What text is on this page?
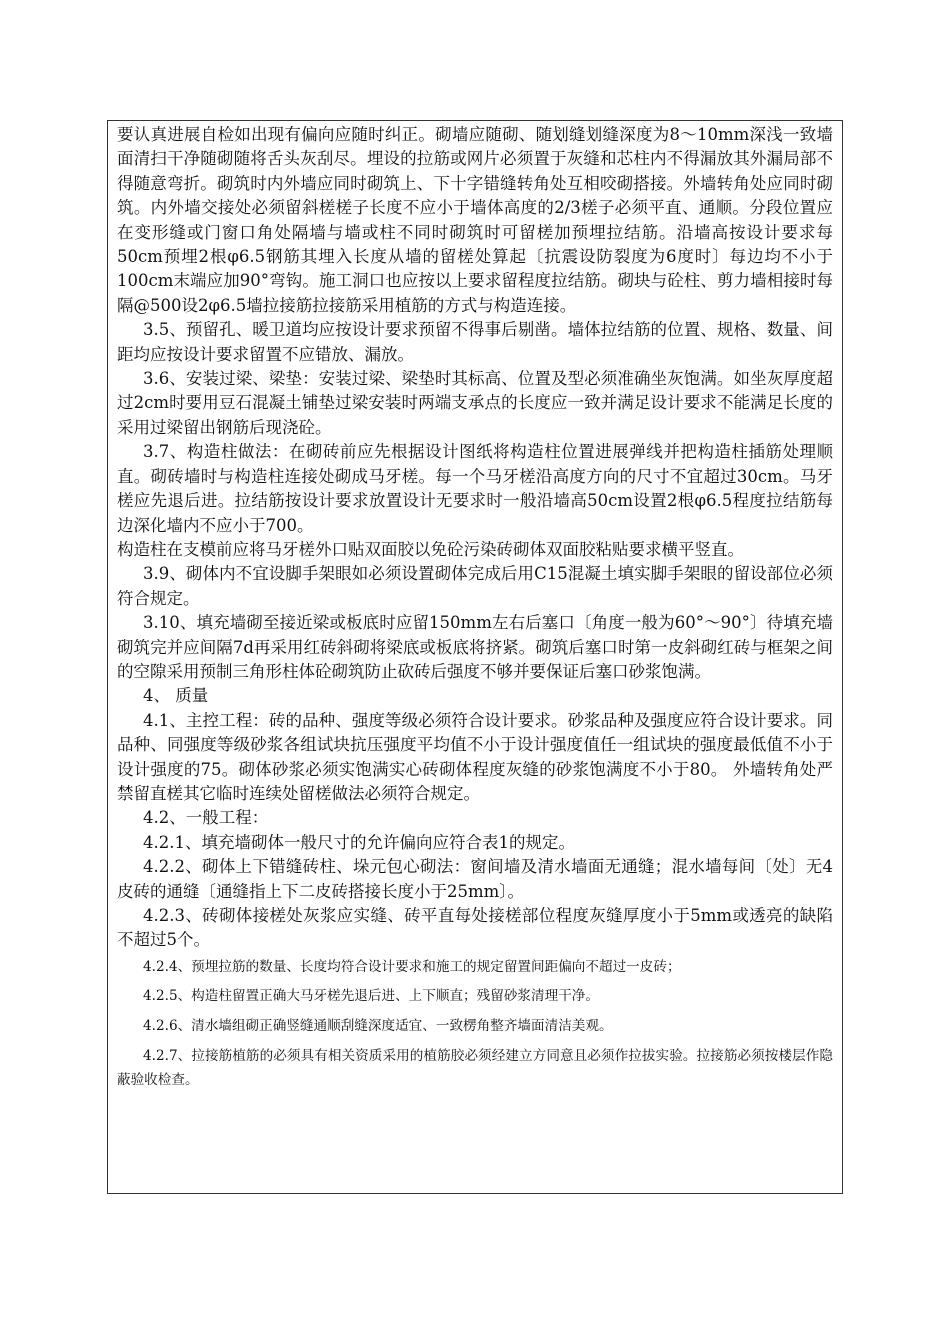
要认真进展自检如出现有偏向应随时纠正。砌墙应随砌、随划缝划缝深度为8～10mm深浅一致墙面清扫干净随砌随将舌头灰刮尽。埋设的拉筋或网片必须置于灰缝和芯柱内不得漏放其外漏局部不得随意弯折。砌筑时内外墙应同时砌筑上、下十字错缝转角处互相咬砌搭接。外墙转角处应同时砌筑。内外墙交接处必须留斜槎槎子长度不应小于墙体高度的2/3槎子必须平直、通顺。分段位置应在变形缝或门窗口角处隔墙与墙或柱不同时砌筑时可留槎加预埋拉结筋。沿墙高按设计要求每50cm预埋2根φ6.5钢筋其埋入长度从墙的留槎处算起〔抗震设防裂度为6度时〕每边均不小于100cm末端应加90°弯钩。施工洞口也应按以上要求留程度拉结筋。砌块与砼柱、剪力墙相接时每隔@500设2φ6.5墙拉接筋拉接筋采用植筋的方式与构造连接。

3.5、预留孔、暖卫道均应按设计要求预留不得事后剔凿。墙体拉结筋的位置、规格、数量、间距均应按设计要求留置不应错放、漏放。

3.6、安装过梁、梁垫：安装过梁、梁垫时其标高、位置及型必须准确坐灰饱满。如坐灰厚度超过2cm时要用豆石混凝土铺垫过梁安装时两端支承点的长度应一致并满足设计要求不能满足长度的采用过梁留出钢筋后现浇砼。

3.7、构造柱做法：在砌砖前应先根据设计图纸将构造柱位置进展弹线并把构造柱插筋处理顺直。砌砖墙时与构造柱连接处砌成马牙槎。每一个马牙槎沿高度方向的尺寸不宜超过30cm。马牙槎应先退后进。拉结筋按设计要求放置设计无要求时一般沿墙高50cm设置2根φ6.5程度拉结筋每边深化墙内不应小于700。

构造柱在支模前应将马牙槎外口贴双面胶以免砼污染砖砌体双面胶粘贴要求横平竖直。

3.9、砌体内不宜设脚手架眼如必须设置砌体完成后用C15混凝土填实脚手架眼的留设部位必须符合规定。

3.10、填充墙砌至接近梁或板底时应留150mm左右后塞口〔角度一般为60°～90°〕待填充墙砌筑完并应间隔7d再采用红砖斜砌将梁底或板底将挤紧。砌筑后塞口时第一皮斜砌红砖与框架之间的空隙采用预制三角形柱体砼砌筑防止砍砖后强度不够并要保证后塞口砂浆饱满。

4、 质量

4.1、主控工程：砖的品种、强度等级必须符合设计要求。砂浆品种及强度应符合设计要求。同品种、同强度等级砂浆各组试块抗压强度平均值不小于设计强度值任一组试块的强度最低值不小于设计强度的75。砌体砂浆必须实饱满实心砖砌体程度灰缝的砂浆饱满度不小于80。 外墙转角处严禁留直槎其它临时连续处留槎做法必须符合规定。

4.2、一般工程：

4.2.1、填充墙砌体一般尺寸的允许偏向应符合表1的规定。

4.2.2、砌体上下错缝砖柱、垛元包心砌法：窗间墙及清水墙面无通缝；混水墙每间〔处〕无4皮砖的通缝〔通缝指上下二皮砖搭接长度小于25mm〕。

4.2.3、砖砌体接槎处灰浆应实缝、砖平直每处接槎部位程度灰缝厚度小于5mm或透亮的缺陷不超过5个。

4.2.4、预埋拉筋的数量、长度均符合设计要求和施工的规定留置间距偏向不超过一皮砖；

4.2.5、构造柱留置正确大马牙槎先退后进、上下顺直；残留砂浆清理干净。

4.2.6、清水墙组砌正确竖缝通顺刮缝深度适宜、一致楞角整齐墙面清洁美观。

4.2.7、拉接筋植筋的必须具有相关资质采用的植筋胶必须经建立方同意且必须作拉拔实验。拉接筋必须按楼层作隐蔽验收检查。
